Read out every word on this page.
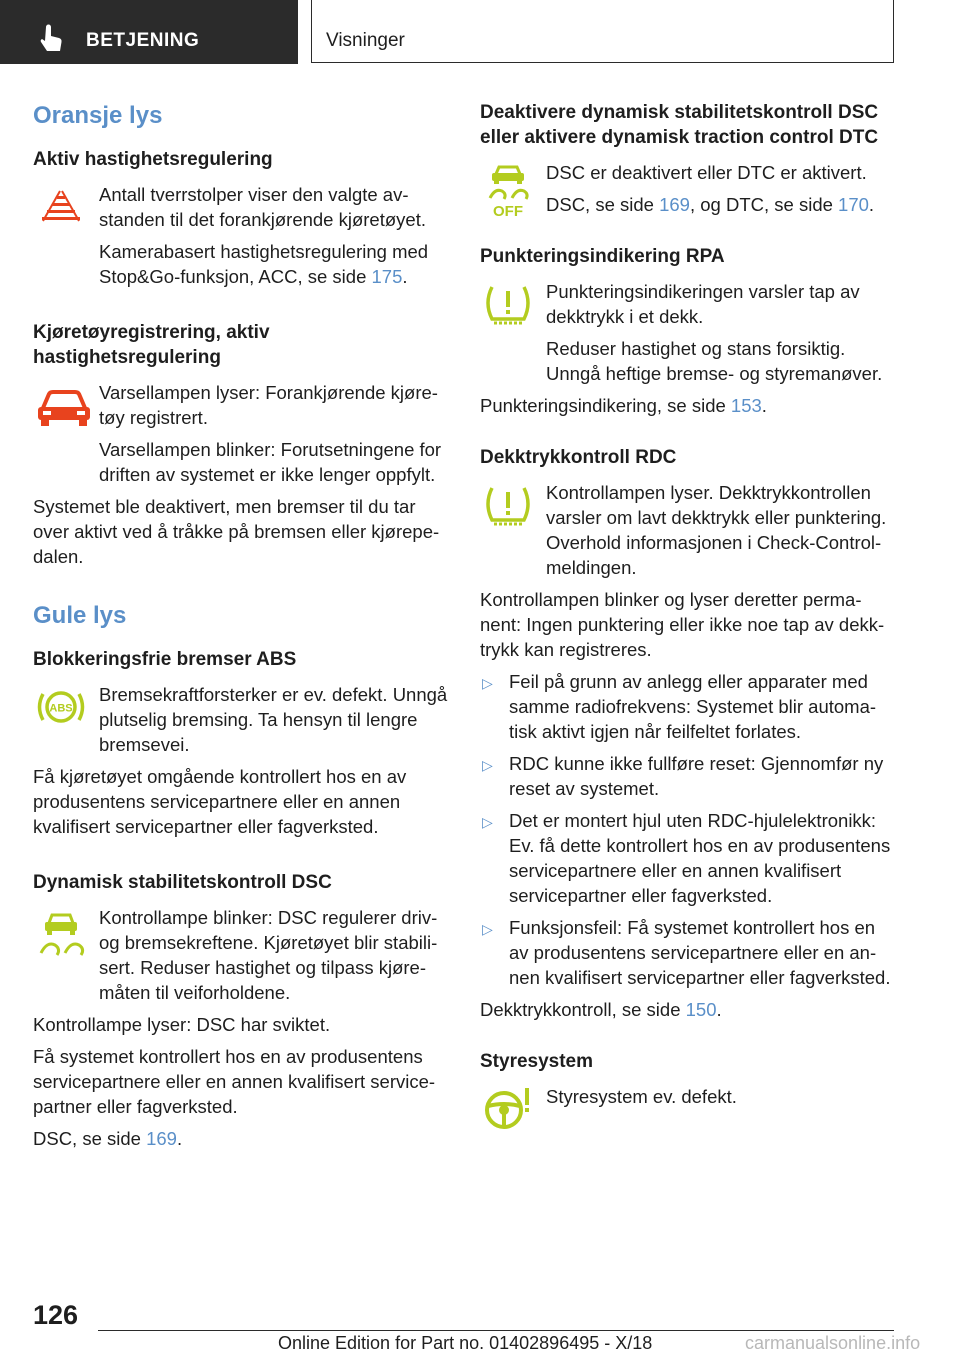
BETJENING	Visninger
Oransje lys
Aktiv hastighetsregulering

Antall tverrstolper viser den valgte avstanden til det forankjørende kjøretøyet.

Kamerabasert hastighetsregulering med Stop&Go-funksjon, ACC, se side 175.

Kjøretøyregistrering, aktiv hastighetsregulering

Varsellampen lyser: Forankjørende kjøretøy registrert.

Varsellampen blinker: Forutsetningene for driften av systemet er ikke lenger oppfylt.

Systemet ble deaktivert, men bremser til du tar over aktivt ved å tråkke på bremsen eller kjørepedalen.

Gule lys
Blokkeringsfrie bremser ABS
ABS

Bremsekraftforsterker er ev. defekt. Unngå plutselig bremsing. Ta hensyn til lengre bremsevei.

Få kjøretøyet omgående kontrollert hos en av produsentens servicepartnere eller en annen kvalifisert servicepartner eller fagverksted.

Dynamisk stabilitetskontroll DSC

Kontrollampe blinker: DSC regulerer driv- og bremsekreftene. Kjøretøyet blir stabilisert. Reduser hastighet og tilpass kjøremåten til veiforholdene.

Kontrollampe lyser: DSC har sviktet.

Få systemet kontrollert hos en av produsentens servicepartnere eller en annen kvalifisert servicepartner eller fagverksted.

DSC, se side 169.

Deaktivere dynamisk stabilitetskontroll DSC eller aktivere dynamisk traction control DTC
OFF

DSC er deaktivert eller DTC er aktivert.

DSC, se side 169, og DTC, se side 170.

Punkteringsindikering RPA

Punkteringsindikeringen varsler tap av dekktrykk i et dekk.

Reduser hastighet og stans forsiktig. Unngå heftige bremse- og styremanøver.

Punkteringsindikering, se side 153.

Dekktrykkontroll RDC

Kontrollampen lyser. Dekktrykkontrollen varsler om lavt dekktrykk eller punktering. Overhold informasjonen i Check-Control-meldingen.

Kontrollampen blinker og lyser deretter permanent: Ingen punktering eller ikke noe tap av dekktrykk kan registreres.

▷ Feil på grunn av anlegg eller apparater med samme radiofrekvens: Systemet blir automatisk aktivt igjen når feilfeltet forlates.
▷ RDC kunne ikke fullføre reset: Gjennomfør ny reset av systemet.
▷ Det er montert hjul uten RDC-hjulelektronikk: Ev. få dette kontrollert hos en av produsentens servicepartnere eller en annen kvalifisert servicepartner eller fagverksted.
▷ Funksjonsfeil: Få systemet kontrollert hos en av produsentens servicepartnere eller en annen kvalifisert servicepartner eller fagverksted.

Dekktrykkontroll, se side 150.

Styresystem

Styresystem ev. defekt.

126
Online Edition for Part no. 01402896495 - X/18	carmanualsonline.info
